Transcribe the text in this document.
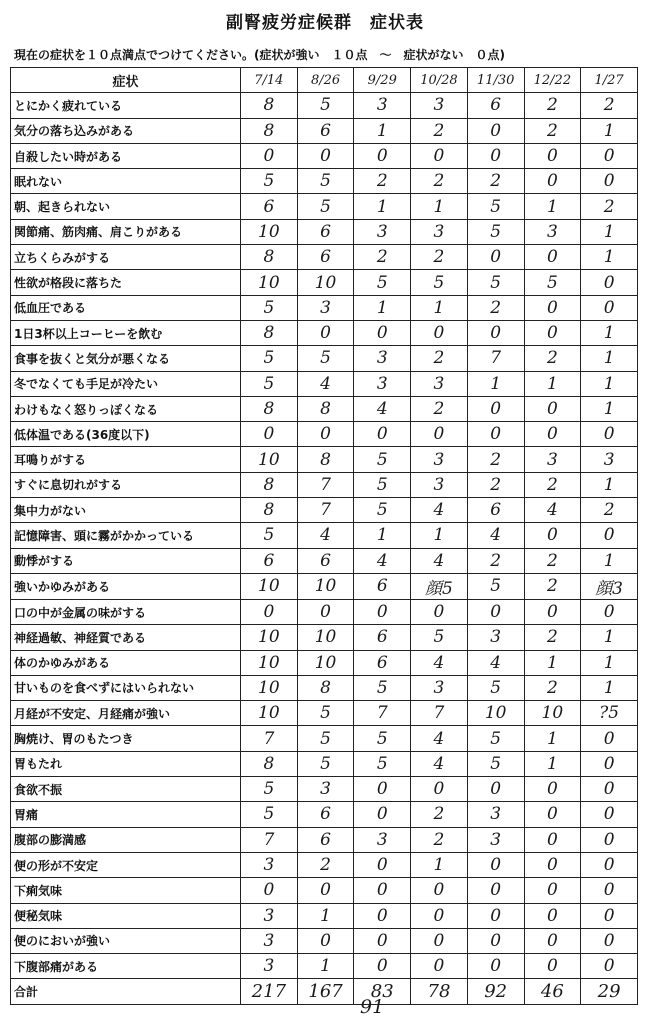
副腎疲労症候群　症状表
現在の症状を１０点満点でつけてください。(症状が強い　１０点　～　症状がない　０点)
症状	7/14	8/26	9/29	10/28	11/30	12/22	1/27
とにかく疲れている	8	5	3	3	6	2	2
気分の落ち込みがある	8	6	1	2	0	2	1
自殺したい時がある	0	0	0	0	0	0	0
眠れない	5	5	2	2	2	0	0
朝、起きられない	6	5	1	1	5	1	2
関節痛、筋肉痛、肩こりがある	10	6	3	3	5	3	1
立ちくらみがする	8	6	2	2	0	0	1
性欲が格段に落ちた	10	10	5	5	5	5	0
低血圧である	5	3	1	1	2	0	0
1日3杯以上コーヒーを飲む	8	0	0	0	0	0	1
食事を抜くと気分が悪くなる	5	5	3	2	7	2	1
冬でなくても手足が冷たい	5	4	3	3	1	1	1
わけもなく怒りっぽくなる	8	8	4	2	0	0	1
低体温である(36度以下)	0	0	0	0	0	0	0
耳鳴りがする	10	8	5	3	2	3	3
すぐに息切れがする	8	7	5	3	2	2	1
集中力がない	8	7	5	4	6	4	2
記憶障害、頭に霧がかかっている	5	4	1	1	4	0	0
動悸がする	6	6	4	4	2	2	1
強いかゆみがある	10	10	6	顔5	5	2	顔3
口の中が金属の味がする	0	0	0	0	0	0	0
神経過敏、神経質である	10	10	6	5	3	2	1
体のかゆみがある	10	10	6	4	4	1	1
甘いものを食べずにはいられない	10	8	5	3	5	2	1
月経が不安定、月経痛が強い	10	5	7	7	10	10	?5
胸焼け、胃のもたつき	7	5	5	4	5	1	0
胃もたれ	8	5	5	4	5	1	0
食欲不振	5	3	0	0	0	0	0
胃痛	5	6	0	2	3	0	0
腹部の膨満感	7	6	3	2	3	0	0
便の形が不安定	3	2	0	1	0	0	0
下痢気味	0	0	0	0	0	0	0
便秘気味	3	1	0	0	0	0	0
便のにおいが強い	3	0	0	0	0	0	0
下腹部痛がある	3	1	0	0	0	0	0
合計	217	167	83	78	92	46	29
91
